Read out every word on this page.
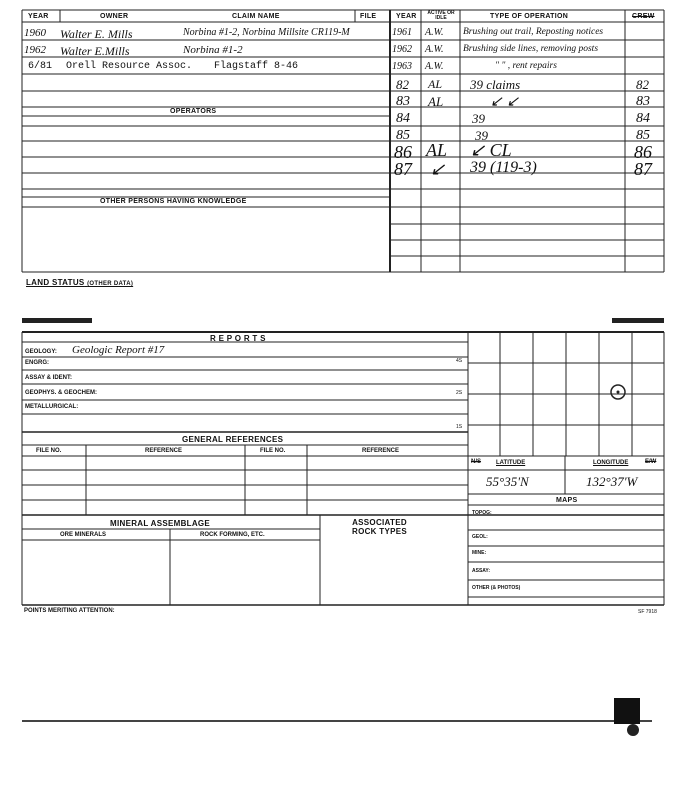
YEAR	OWNER	CLAIM NAME	FILE
1960 Walter E. Mills	Norbina #1-2, Norbina Millsite CR119-M
1962 Walter E.Mills	Norbina #1-2
6/81 Orell Resource Assoc. Flagstaff 8-46
OPERATORS
OTHER PERSONS HAVING KNOWLEDGE
YEAR	ACTIVE OR IDLE	TYPE OF OPERATION	CREW
1961 A.W. Brushing out trail, Reposting notices
1962 A.W. Brushing side lines, removing posts
1963 A.W.	" " , rent repairs
82 AL 39 claims	82
83 AL	↙ ↙	83
84	39	84
85	39	85
86 AL ↙ CL	86
87 ↙ 39 (119-3)	87
LAND STATUS (OTHER DATA)
R E P O R T S
GEOLOGY: Geologic Report #17
ENGRG:
ASSAY & IDENT:
GEOPHYS. & GEOCHEM:
METALLURGICAL:
4S
2S
1S
GENERAL REFERENCES
FILE NO.	REFERENCE	FILE NO.	REFERENCE
N/S LATITUDE	LONGITUDE	E/W
55°35'N	132°37'W
MAPS
TOPOG:
GEOL:
MINE:
ASSAY:
OTHER (& PHOTOS)
MINERAL ASSEMBLAGE
ORE MINERALS	ROCK FORMING, ETC.
ASSOCIATED
ROCK TYPES
POINTS MERITING ATTENTION:	SF 7918
